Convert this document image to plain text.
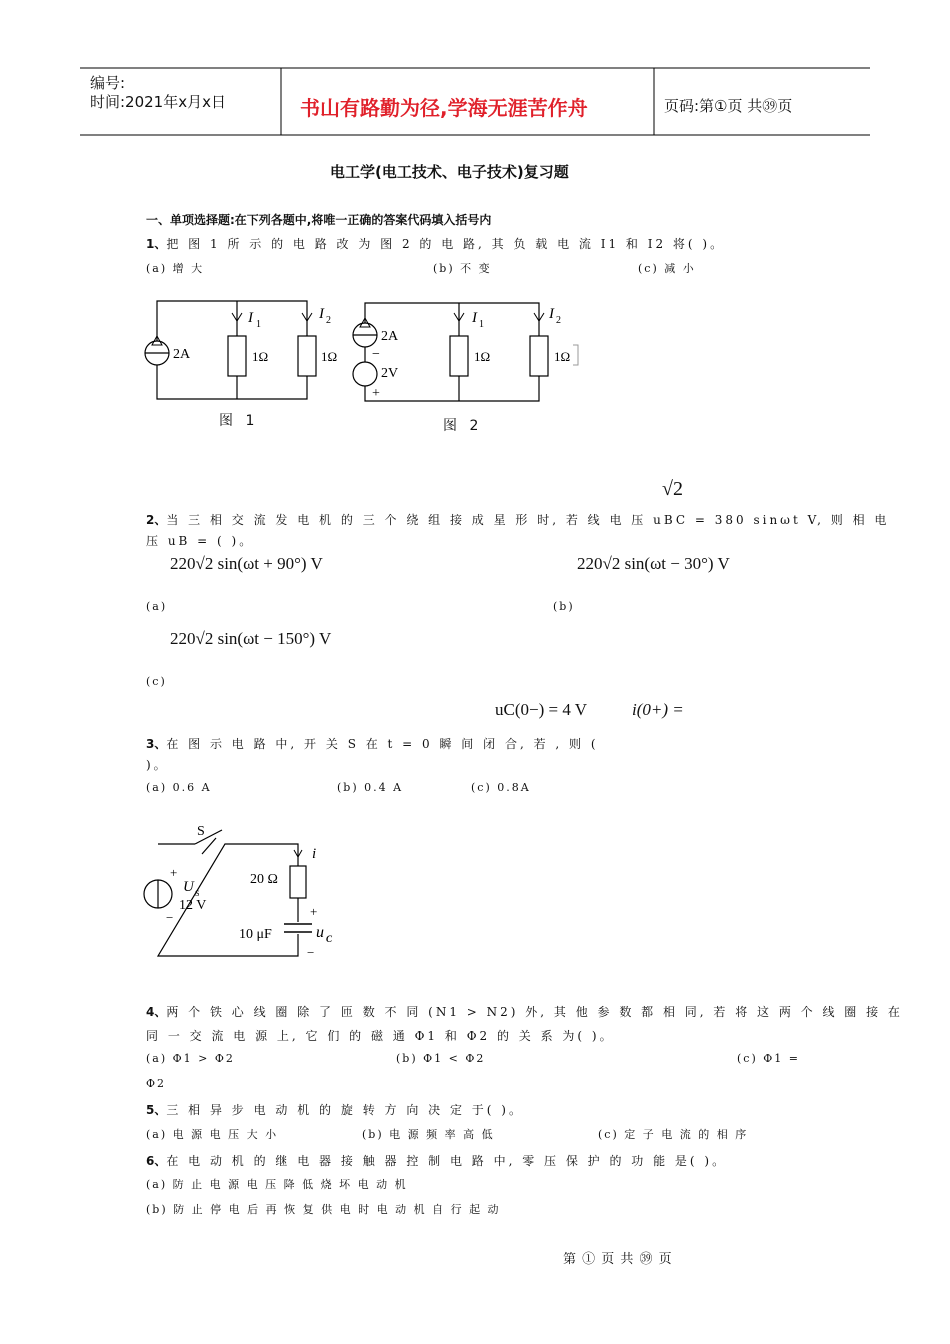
编号:
时间:2021年x月x日	书山有路勤为径,学海无涯苦作舟	页码:第①页 共㊴页
电工学(电工技术、电子技术)复习题
一、单项选择题:在下列各题中,将唯一正确的答案代码填入括号内
1、把 图 1 所 示 的 电 路 改 为 图 2 的 电 路, 其 负 载 电 流 I1 和 I2 将( )。
(a) 增 大	(b) 不 变	(c) 减 小
2A	1Ω	1Ω
I 1
I 2
图 1
2A
2V
−
+
1Ω	1Ω
I 1
I 2
图 2
√2
2、当 三 相 交 流 发 电 机 的 三 个 绕 组 接 成 星 形 时, 若 线 电 压 uBC = 380 sinωt V, 则 相 电
压 uB = ( )。
220√2 sin(ωt + 90°) V	220√2 sin(ωt − 30°) V
(a)	(b)
220√2 sin(ωt − 150°) V
(c)
uC(0−) = 4 V	i(0+) =
3、在 图 示 电 路 中, 开 关 S 在 t = 0 瞬 间 闭 合, 若 , 则 (
)。
(a) 0.6 A	(b) 0.4 A	(c) 0.8A
S
i
20 Ω
+
U S
12 V
−	+
10 μF	u C
−
4、两 个 铁 心 线 圈 除 了 匝 数 不 同 (N1 > N2) 外, 其 他 参 数 都 相 同, 若 将 这 两 个 线 圈 接 在
同 一 交 流 电 源 上, 它 们 的 磁 通 Φ1 和 Φ2 的 关 系 为( )。
(a) Φ1 > Φ2	(b) Φ1 < Φ2	(c) Φ1 =
Φ2
5、三 相 异 步 电 动 机 的 旋 转 方 向 决 定 于( )。
(a) 电 源 电 压 大 小	(b) 电 源 频 率 高 低	(c) 定 子 电 流 的 相 序
6、在 电 动 机 的 继 电 器 接 触 器 控 制 电 路 中, 零 压 保 护 的 功 能 是( )。
(a) 防 止 电 源 电 压 降 低 烧 坏 电 动 机
(b) 防 止 停 电 后 再 恢 复 供 电 时 电 动 机 自 行 起 动
第 ① 页 共 ㊴ 页
